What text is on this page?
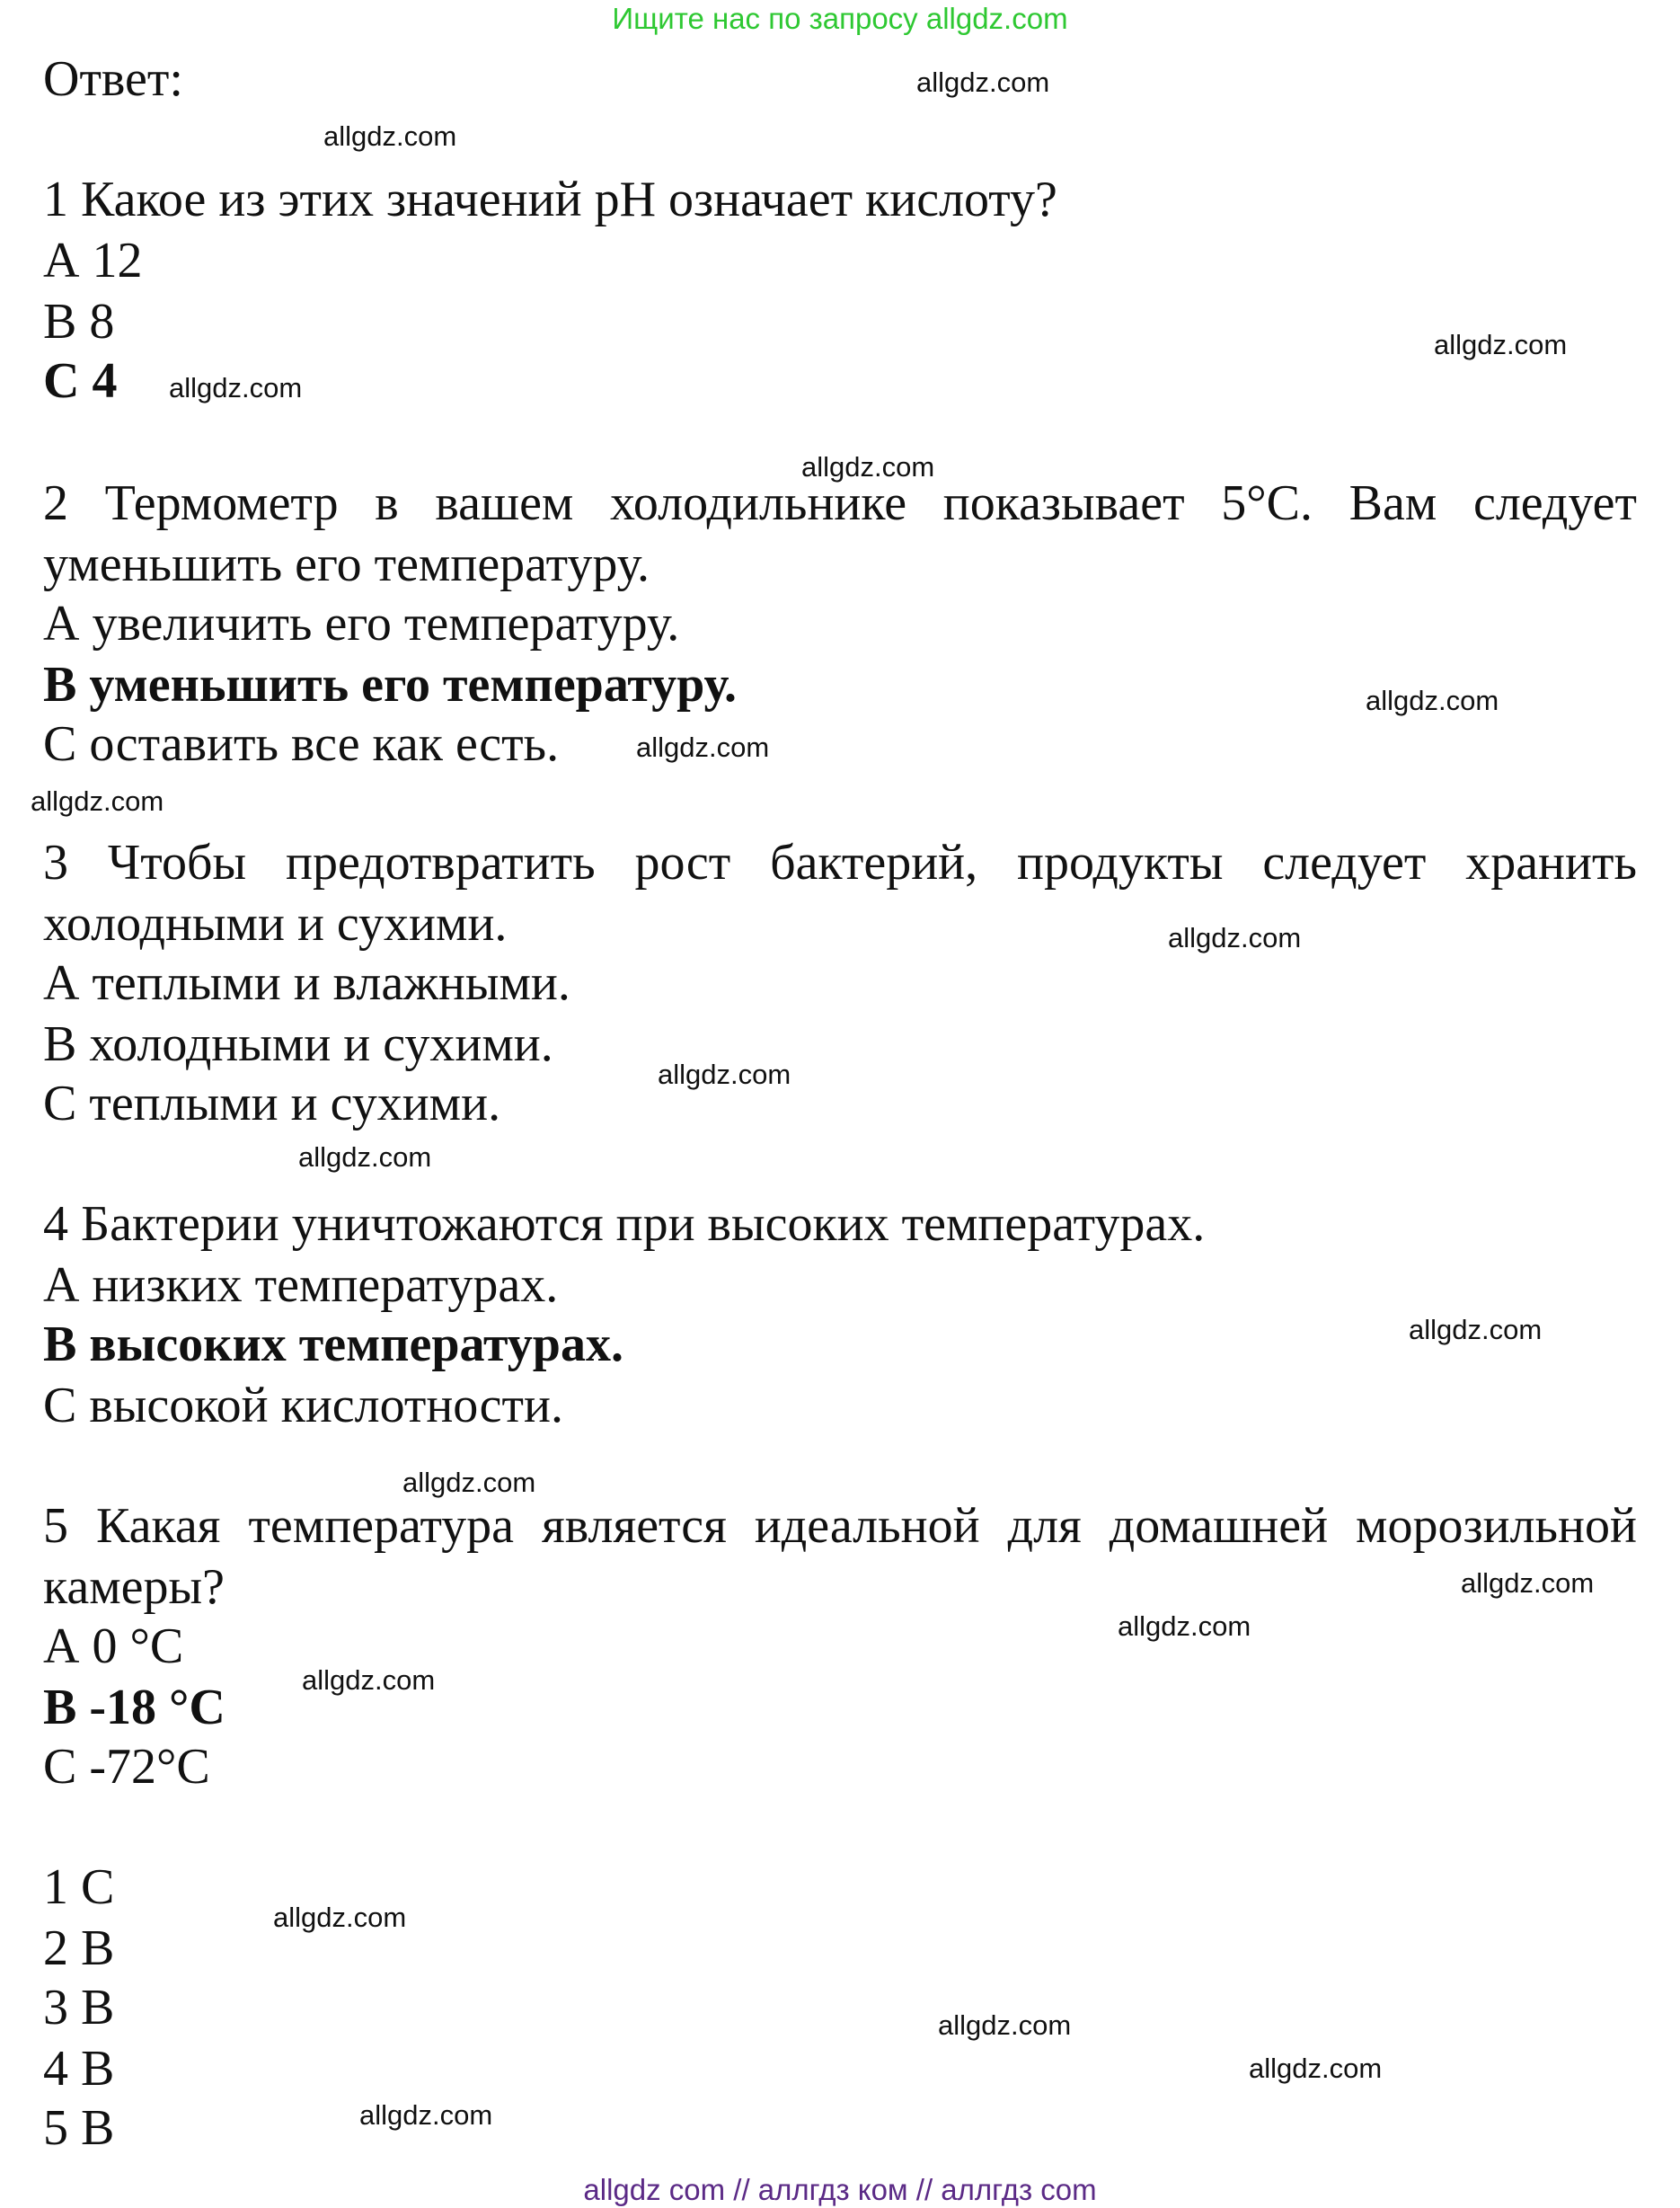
Ищите нас по запросу allgdz.com
Ответ:
1 Какое из этих значений рН означает кислоту?
А 12
В 8
С 4
2 Термометр в вашем холодильнике показывает 5°С. Вам следует
уменьшить его температуру.
А увеличить его температуру.
В уменьшить его температуру.
С оставить все как есть.
3 Чтобы предотвратить рост бактерий, продукты следует хранить
холодными и сухими.
А теплыми и влажными.
В холодными и сухими.
С теплыми и сухими.
4 Бактерии уничтожаются при высоких температурах.
А низких температурах.
В высоких температурах.
С высокой кислотности.
5 Какая температура является идеальной для домашней морозильной
камеры?
А 0 °С
В -18 °С
С -72°С
1 С
2 В
3 В
4 В
5 В
allgdz.com
allgdz.com
allgdz.com
allgdz.com
allgdz.com
allgdz.com
allgdz.com
allgdz.com
allgdz.com
allgdz.com
allgdz.com
allgdz.com
allgdz.com
allgdz.com
allgdz.com
allgdz.com
allgdz.com
allgdz.com
allgdz.com
allgdz.com
allgdz com // аллгдз ком // аллгдз com
